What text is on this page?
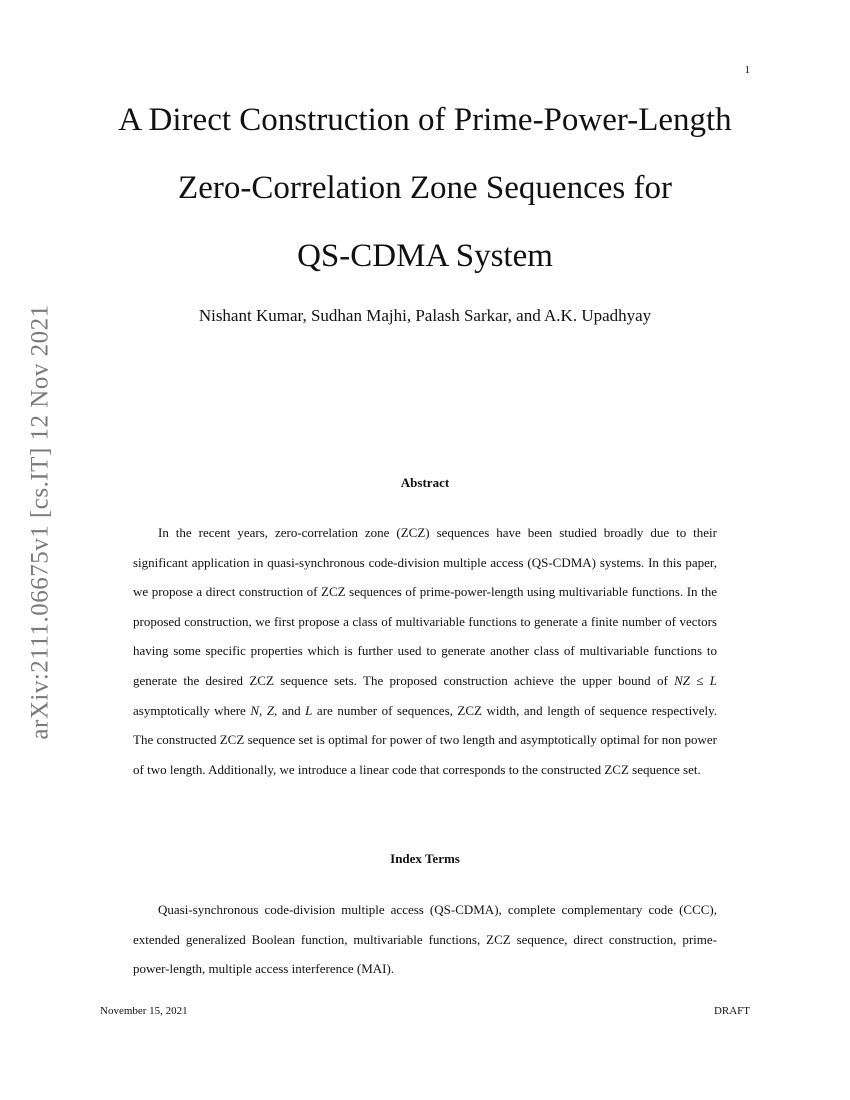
1
arXiv:2111.06675v1 [cs.IT] 12 Nov 2021
A Direct Construction of Prime-Power-Length
Zero-Correlation Zone Sequences for
QS-CDMA System
Nishant Kumar, Sudhan Majhi, Palash Sarkar, and A.K. Upadhyay
Abstract

In the recent years, zero-correlation zone (ZCZ) sequences have been studied broadly due to their significant application in quasi-synchronous code-division multiple access (QS-CDMA) systems. In this paper, we propose a direct construction of ZCZ sequences of prime-power-length using multivariable functions. In the proposed construction, we first propose a class of multivariable functions to generate a finite number of vectors having some specific properties which is further used to generate another class of multivariable functions to generate the desired ZCZ sequence sets. The proposed construction achieve the upper bound of NZ ≤ L asymptotically where N, Z, and L are number of sequences, ZCZ width, and length of sequence respectively. The constructed ZCZ sequence set is optimal for power of two length and asymptotically optimal for non power of two length. Additionally, we introduce a linear code that corresponds to the constructed ZCZ sequence set.

Index Terms

Quasi-synchronous code-division multiple access (QS-CDMA), complete complementary code (CCC), extended generalized Boolean function, multivariable functions, ZCZ sequence, direct construction, prime-power-length, multiple access interference (MAI).

November 15, 2021	DRAFT
